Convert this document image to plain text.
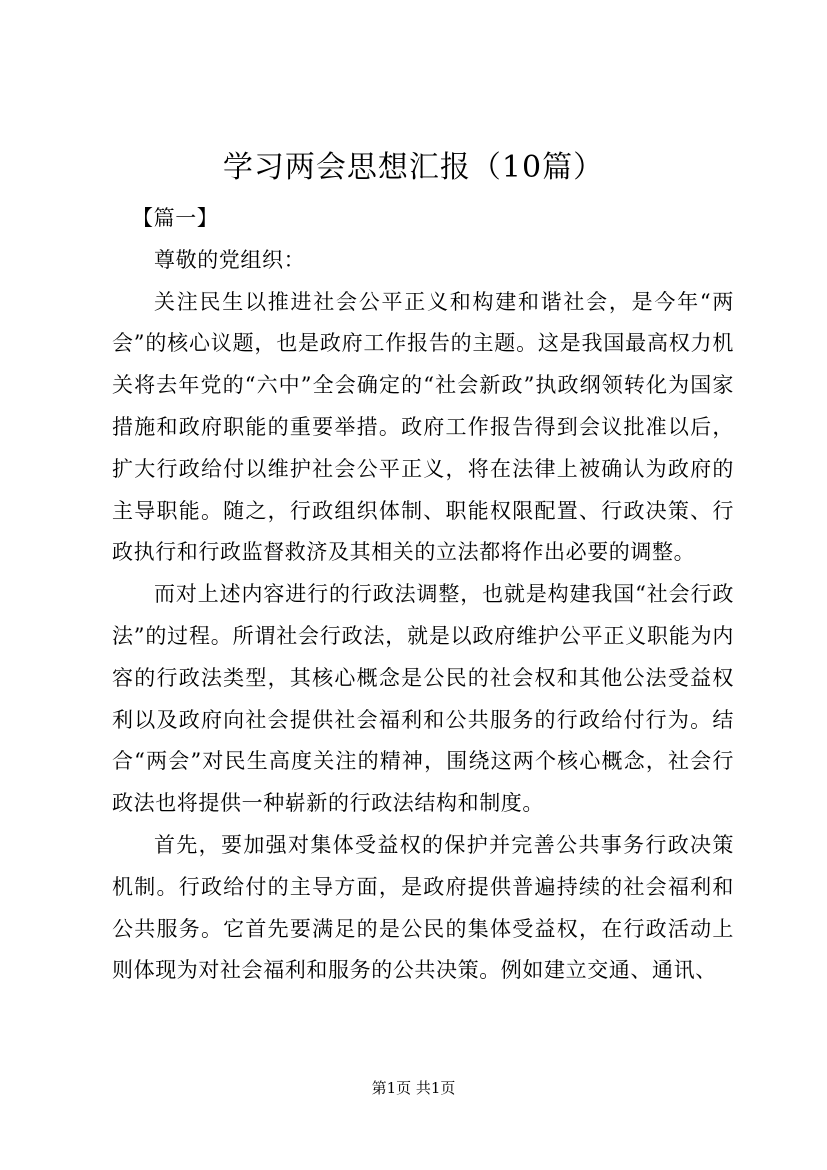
学习两会思想汇报（10篇）

【篇一】

尊敬的党组织：

关注民生以推进社会公平正义和构建和谐社会，是今年“两会”的核心议题，也是政府工作报告的主题。这是我国最高权力机关将去年党的“六中”全会确定的“社会新政”执政纲领转化为国家措施和政府职能的重要举措。政府工作报告得到会议批准以后，扩大行政给付以维护社会公平正义，将在法律上被确认为政府的主导职能。随之，行政组织体制、职能权限配置、行政决策、行政执行和行政监督救济及其相关的立法都将作出必要的调整。

而对上述内容进行的行政法调整，也就是构建我国“社会行政法”的过程。所谓社会行政法，就是以政府维护公平正义职能为内容的行政法类型，其核心概念是公民的社会权和其他公法受益权利以及政府向社会提供社会福利和公共服务的行政给付行为。结合“两会”对民生高度关注的精神，围绕这两个核心概念，社会行政法也将提供一种崭新的行政法结构和制度。

首先，要加强对集体受益权的保护并完善公共事务行政决策机制。行政给付的主导方面，是政府提供普遍持续的社会福利和公共服务。它首先要满足的是公民的集体受益权，在行政活动上则体现为对社会福利和服务的公共决策。例如建立交通、通讯、

第1页 共1页
